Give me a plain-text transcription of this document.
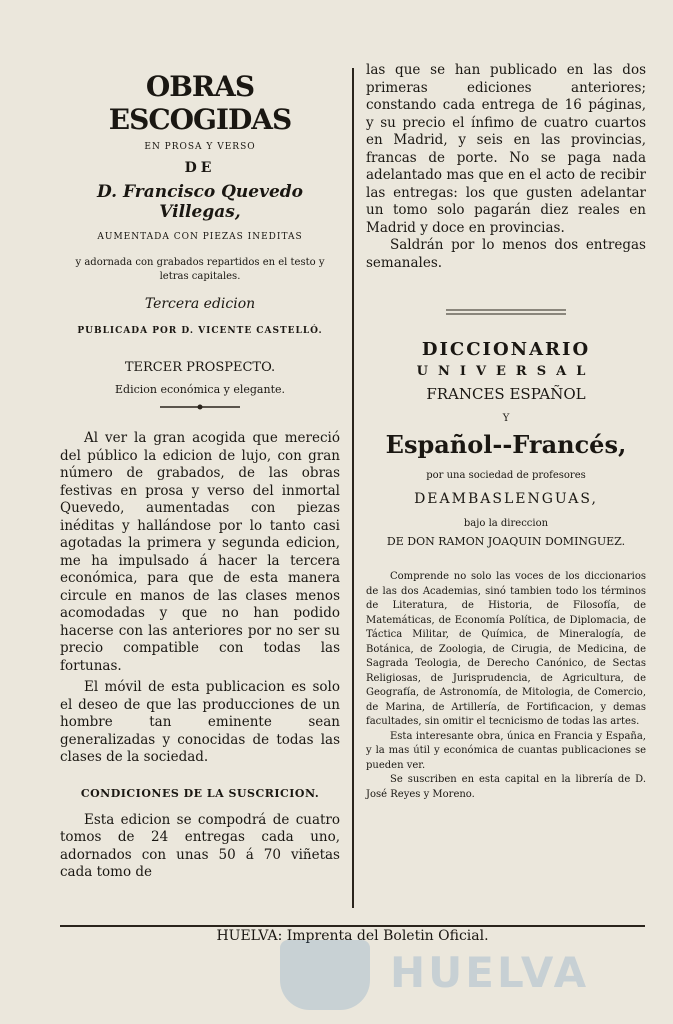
OBRAS ESCOGIDAS
EN PROSA Y VERSO
DE
D. Francisco Quevedo Villegas,
AUMENTADA CON PIEZAS INEDITAS
y adornada con grabados repartidos en el testo y letras capitales.
Tercera edicion
PUBLICADA POR D. VICENTE CASTELLÓ.
TERCER PROSPECTO.
Edicion económica y elegante.

Al ver la gran acogida que mereció del público la edicion de lujo, con gran número de grabados, de las obras festivas en prosa y verso del inmortal Quevedo, aumentadas con piezas inéditas y hallándose por lo tanto casi agotadas la primera y segunda edicion, me ha impulsado á hacer la tercera económica, para que de esta manera circule en manos de las clases menos acomodadas y que no han podido hacerse con las anteriores por no ser su precio compatible con todas las fortunas.

El móvil de esta publicacion es solo el deseo de que las producciones de un hombre tan eminente sean generalizadas y conocidas de todas las clases de la sociedad.

CONDICIONES DE LA SUSCRICION.

Esta edicion se compodrá de cuatro tomos de 24 entregas cada uno, adornados con unas 50 á 70 viñetas cada tomo de

las que se han publicado en las dos primeras ediciones anteriores; constando cada entrega de 16 páginas, y su precio el ínfimo de cuatro cuartos en Madrid, y seis en las provincias, francas de porte. No se paga nada adelantado mas que en el acto de recibir las entregas: los que gusten adelantar un tomo solo pagarán diez reales en Madrid y doce en provincias.

Saldrán por lo menos dos entregas semanales.

DICCIONARIO
UNIVERSAL
FRANCES ESPAÑOL
Y
Español--Francés,
por una sociedad de profesores
DEAMBASLENGUAS,
bajo la direccion
DE DON RAMON JOAQUIN DOMINGUEZ.

Comprende no solo las voces de los diccionarios de las dos Academias, sinó tambien todo los términos de Literatura, de Historia, de Filosofía, de Matemáticas, de Economía Política, de Diplomacia, de Táctica Militar, de Química, de Mineralogía, de Botánica, de Zoologia, de Cirugia, de Medicina, de Sagrada Teologia, de Derecho Canónico, de Sectas Religiosas, de Jurisprudencia, de Agricultura, de Geografía, de Astronomía, de Mitologia, de Comercio, de Marina, de Artillería, de Fortificacion, y demas facultades, sin omitir el tecnicismo de todas las artes.

Esta interesante obra, única en Francia y España, y la mas útil y económica de cuantas publicaciones se pueden ver.

Se suscriben en esta capital en la librería de D. José Reyes y Moreno.

HUELVA: Imprenta del Boletin Oficial.
HUELVA
